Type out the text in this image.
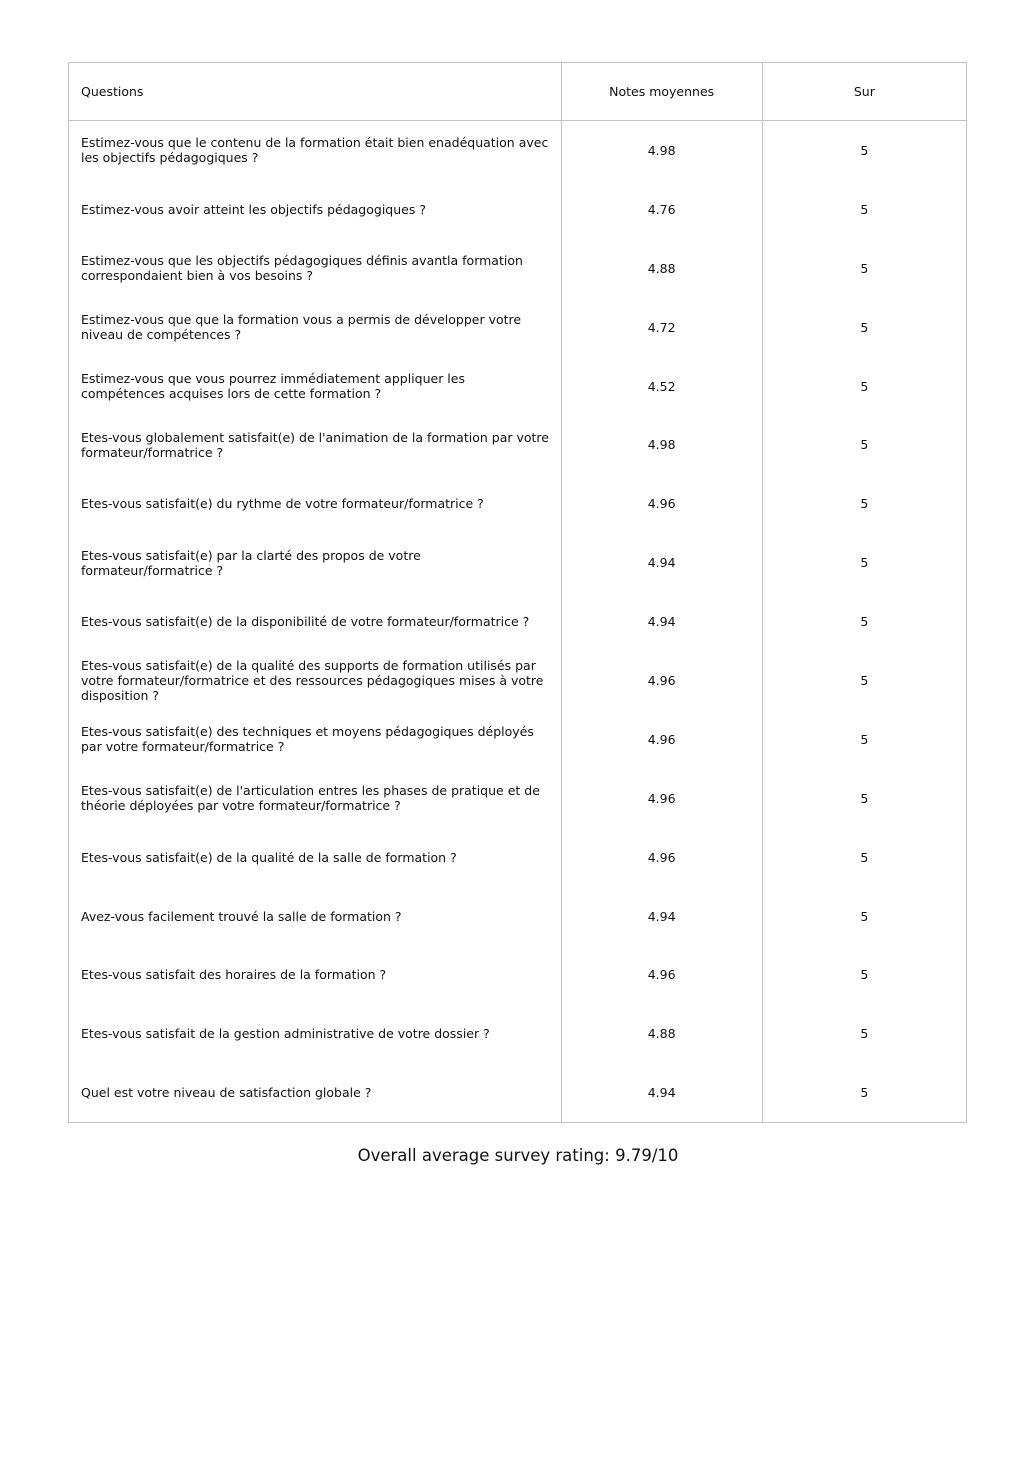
Questions	Notes moyennes	Sur
Estimez-vous que le contenu de la formation était bien enadéquation avec les objectifs pédagogiques ?	4.98	5
Estimez-vous avoir atteint les objectifs pédagogiques ?	4.76	5
Estimez-vous que les objectifs pédagogiques définis avantla formation correspondaient bien à vos besoins ?	4.88	5
Estimez-vous que que la formation vous a permis de développer votre niveau de compétences ?	4.72	5
Estimez-vous que vous pourrez immédiatement appliquer les compétences acquises lors de cette formation ?	4.52	5
Etes-vous globalement satisfait(e) de l'animation de la formation par votre formateur/formatrice ?	4.98	5
Etes-vous satisfait(e) du rythme de votre formateur/formatrice ?	4.96	5
Etes-vous satisfait(e) par la clarté des propos de votre formateur/formatrice ?	4.94	5
Etes-vous satisfait(e) de la disponibilité de votre formateur/formatrice ?	4.94	5
Etes-vous satisfait(e) de la qualité des supports de formation utilisés par votre formateur/formatrice et des ressources pédagogiques mises à votre disposition ?	4.96	5
Etes-vous satisfait(e) des techniques et moyens pédagogiques déployés par votre formateur/formatrice ?	4.96	5
Etes-vous satisfait(e) de l'articulation entres les phases de pratique et de théorie déployées par votre formateur/formatrice ?	4.96	5
Etes-vous satisfait(e) de la qualité de la salle de formation ?	4.96	5
Avez-vous facilement trouvé la salle de formation ?	4.94	5
Etes-vous satisfait des horaires de la formation ?	4.96	5
Etes-vous satisfait de la gestion administrative de votre dossier ?	4.88	5
Quel est votre niveau de satisfaction globale ?	4.94	5
Overall average survey rating: 9.79/10
